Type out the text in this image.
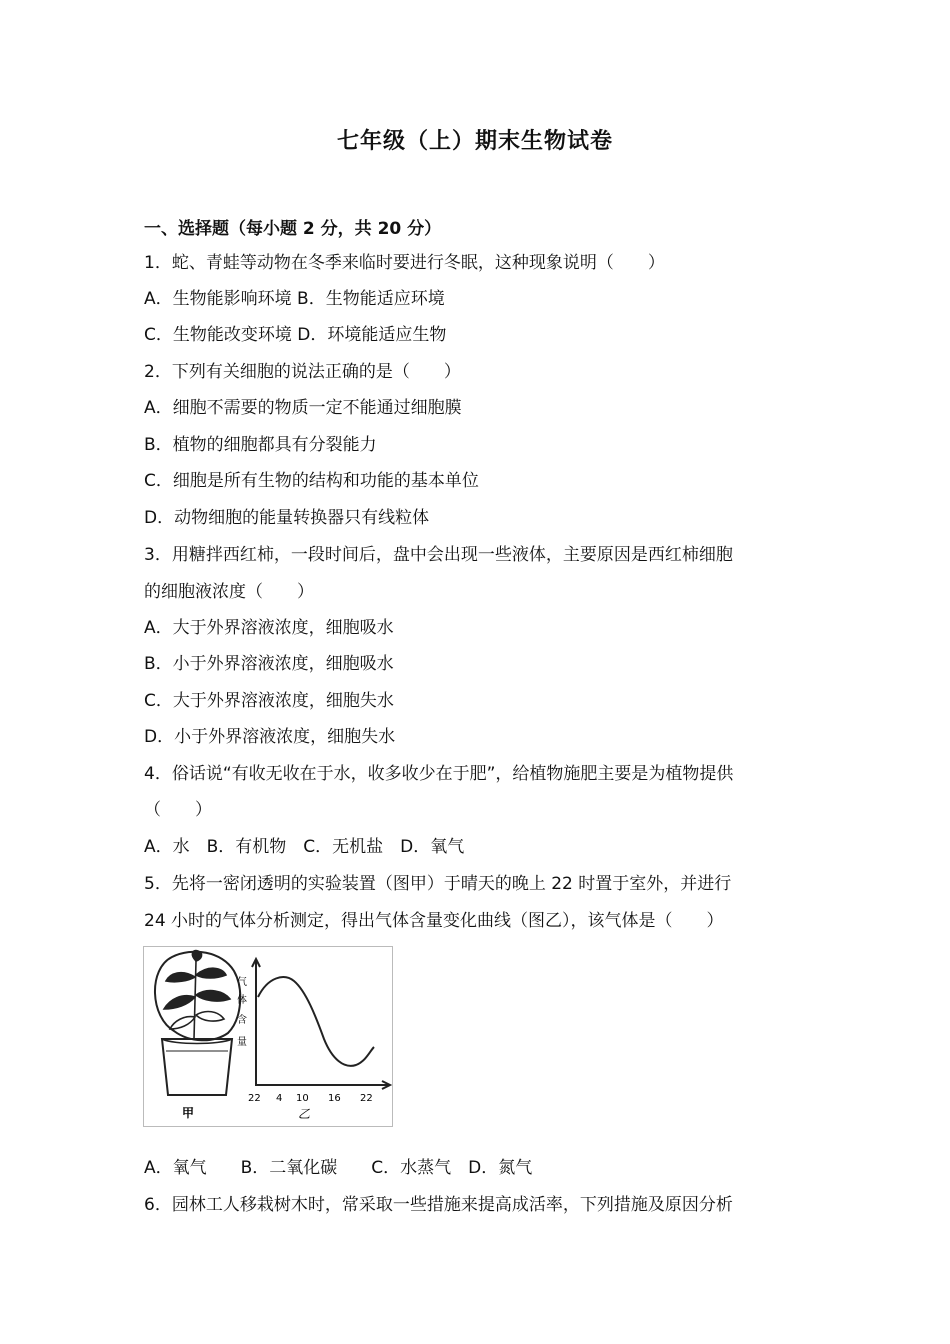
七年级（上）期末生物试卷
一、选择题（每小题 2 分，共 20 分）
1．蛇、青蛙等动物在冬季来临时要进行冬眠，这种现象说明（　　）
A．生物能影响环境 B．生物能适应环境
C．生物能改变环境 D．环境能适应生物
2．下列有关细胞的说法正确的是（　　）
A．细胞不需要的物质一定不能通过细胞膜
B．植物的细胞都具有分裂能力
C．细胞是所有生物的结构和功能的基本单位
D．动物细胞的能量转换器只有线粒体
3．用糖拌西红柿，一段时间后，盘中会出现一些液体，主要原因是西红柿细胞
的细胞液浓度（　　）
A．大于外界溶液浓度，细胞吸水
B．小于外界溶液浓度，细胞吸水
C．大于外界溶液浓度，细胞失水
D．小于外界溶液浓度，细胞失水
4．俗话说“有收无收在于水，收多收少在于肥”，给植物施肥主要是为植物提供
（　　）
A．水　B．有机物　C．无机盐　D．氧气
5．先将一密闭透明的实验装置（图甲）于晴天的晚上 22 时置于室外，并进行
24 小时的气体分析测定，得出气体含量变化曲线（图乙），该气体是（　　）
甲
气
体
含
量
22 4 10 16 22
乙
A．氧气　　B．二氧化碳　　C．水蒸气　D．氮气
6．园林工人移栽树木时，常采取一些措施来提高成活率，下列措施及原因分析
